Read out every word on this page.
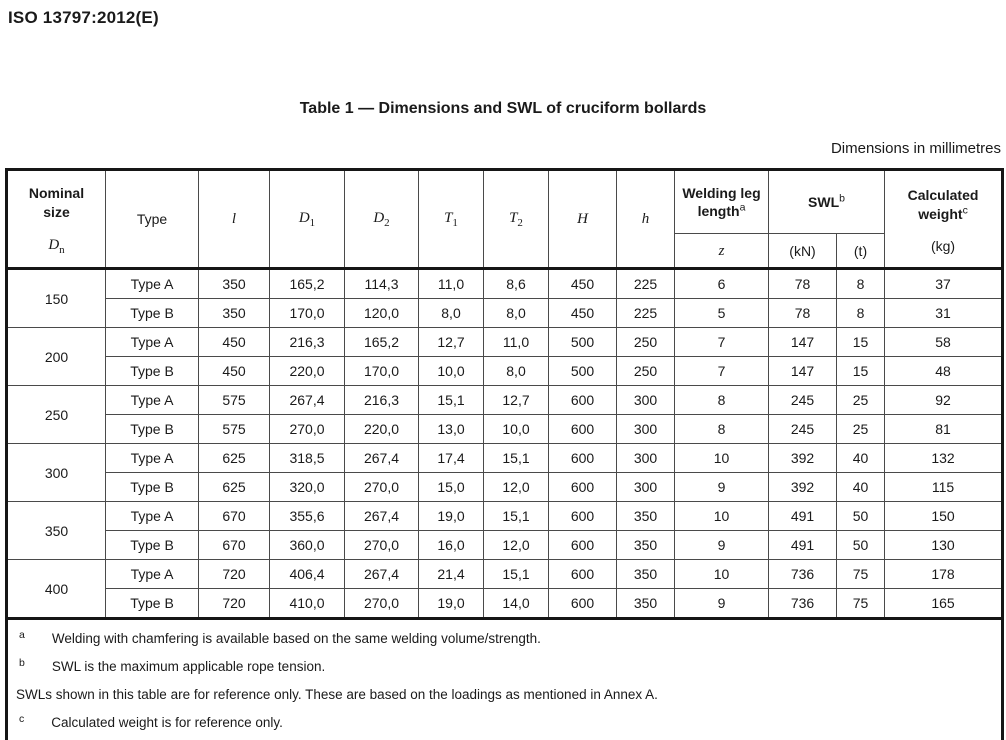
ISO 13797:2012(E)
Table 1 — Dimensions and SWL of cruciform bollards
Dimensions in millimetres
Nominal size
$D_n$	Type	l	$D_1$	$D_2$	$T_1$	$T_2$	H	h	Welding leg length$^a$	SWL$^b$		Calculated weight$^c$
(kg)

									z	(kN)	(t)	
150	Type A	350	165,2	114,3	11,0	8,6	450	225	6	78	8	37
	Type B	350	170,0	120,0	8,0	8,0	450	225	5	78	8	31
200	Type A	450	216,3	165,2	12,7	11,0	500	250	7	147	15	58
	Type B	450	220,0	170,0	10,0	8,0	500	250	7	147	15	48
250	Type A	575	267,4	216,3	15,1	12,7	600	300	8	245	25	92
	Type B	575	270,0	220,0	13,0	10,0	600	300	8	245	25	81
300	Type A	625	318,5	267,4	17,4	15,1	600	300	10	392	40	132
	Type B	625	320,0	270,0	15,0	12,0	600	300	9	392	40	115
350	Type A	670	355,6	267,4	19,0	15,1	600	350	10	491	50	150
	Type B	670	360,0	270,0	16,0	12,0	600	350	9	491	50	130
400	Type A	720	406,4	267,4	21,4	15,1	600	350	10	736	75	178
	Type B	720	410,0	270,0	19,0	14,0	600	350	9	736	75	165

$^a$ Welding with chamfering is available based on the same welding volume/strength.

$^b$ SWL is the maximum applicable rope tension.

SWLs shown in this table are for reference only. These are based on the loadings as mentioned in Annex A.

$^c$ Calculated weight is for reference only.												
